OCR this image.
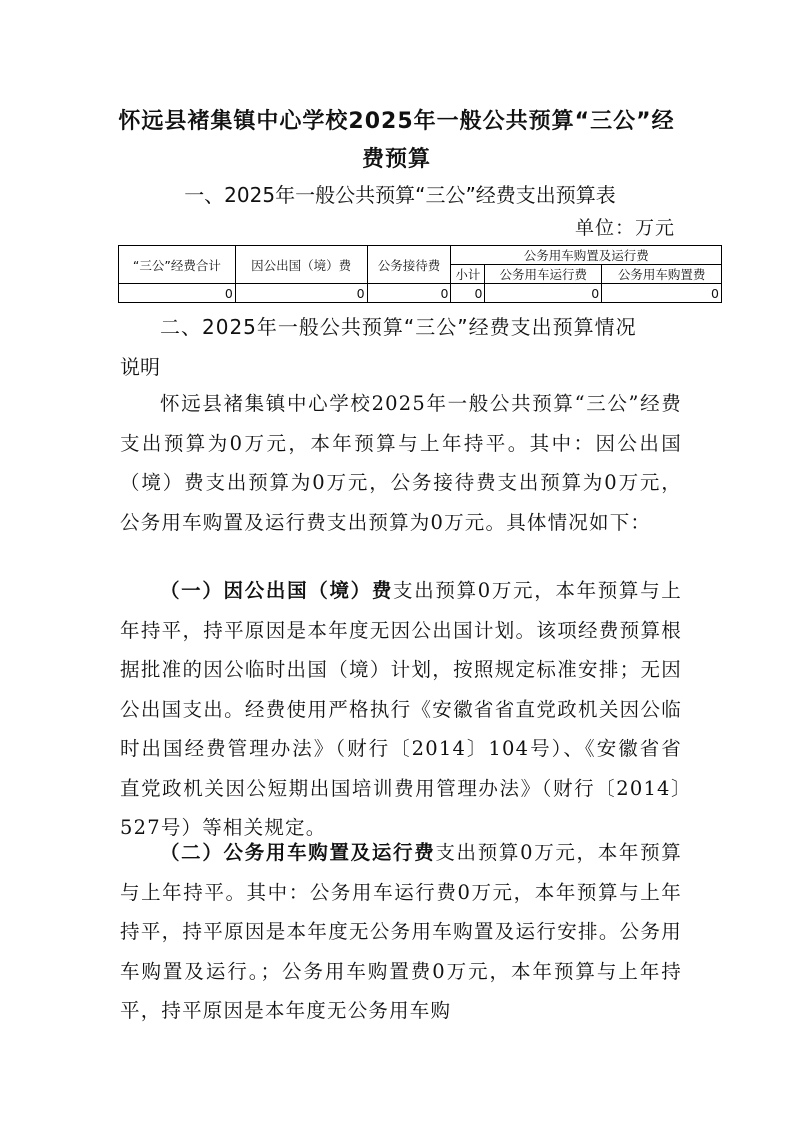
怀远县褚集镇中心学校2025年一般公共预算“三公”经
费预算
一、2025年一般公共预算“三公”经费支出预算表
单位：万元
“三公”经费合计	因公出国（境）费	公务接待费	公务用车购置及运行费		
			小计	公务用车运行费	公务用车购置费
0	0	0	0	0	0
二、2025年一般公共预算“三公”经费支出预算情况
说明

怀远县褚集镇中心学校2025年一般公共预算“三公”经费支出预算为0万元，本年预算与上年持平。其中：因公出国（境）费支出预算为0万元，公务接待费支出预算为0万元，公务用车购置及运行费支出预算为0万元。具体情况如下：

（一）因公出国（境）费支出预算0万元，本年预算与上年持平，持平原因是本年度无因公出国计划。该项经费预算根据批准的因公临时出国（境）计划，按照规定标准安排；无因公出国支出。经费使用严格执行《安徽省省直党政机关因公临时出国经费管理办法》（财行〔2014〕104号）、《安徽省省直党政机关因公短期出国培训费用管理办法》（财行〔2014〕527号）等相关规定。

（二）公务用车购置及运行费支出预算0万元，本年预算与上年持平。其中：公务用车运行费0万元，本年预算与上年持平，持平原因是本年度无公务用车购置及运行安排。公务用车购置及运行。；公务用车购置费0万元，本年预算与上年持平，持平原因是本年度无公务用车购
